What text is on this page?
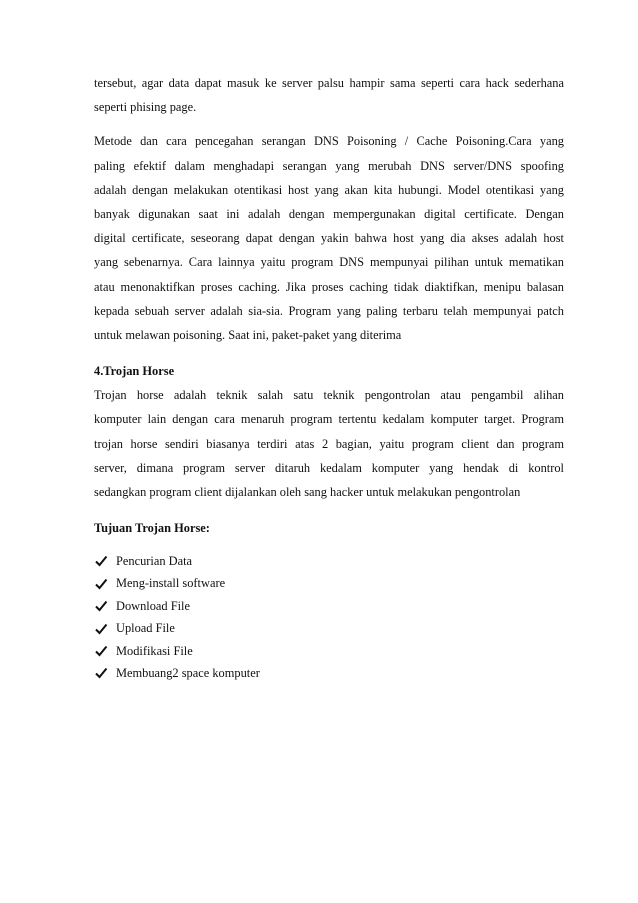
tersebut, agar data dapat masuk ke server palsu hampir sama seperti cara hack sederhana
seperti phising page.

Metode dan cara pencegahan serangan DNS Poisoning / Cache Poisoning.Cara yang
paling efektif dalam menghadapi serangan yang merubah DNS server/DNS spoofing
adalah dengan melakukan otentikasi host yang akan kita hubungi. Model otentikasi yang
banyak digunakan saat ini adalah dengan mempergunakan digital certificate. Dengan
digital certificate, seseorang dapat dengan yakin bahwa host yang dia akses adalah host
yang sebenarnya. Cara lainnya yaitu program DNS mempunyai pilihan untuk mematikan
atau menonaktifkan proses caching. Jika proses caching tidak diaktifkan, menipu balasan
kepada sebuah server adalah sia-sia. Program yang paling terbaru telah mempunyai patch
untuk melawan poisoning. Saat ini, paket-paket yang diterima

4.Trojan Horse

Trojan horse adalah teknik salah satu teknik pengontrolan atau pengambil alihan
komputer lain dengan cara menaruh program tertentu kedalam komputer target. Program
trojan horse sendiri biasanya terdiri atas 2 bagian, yaitu program client dan program
server, dimana program server ditaruh kedalam komputer yang hendak di kontrol
sedangkan program client dijalankan oleh sang hacker untuk melakukan pengontrolan

Tujuan Trojan Horse:

Pencurian Data
Meng-install software
Download File
Upload File
Modifikasi File
Membuang2 space komputer
